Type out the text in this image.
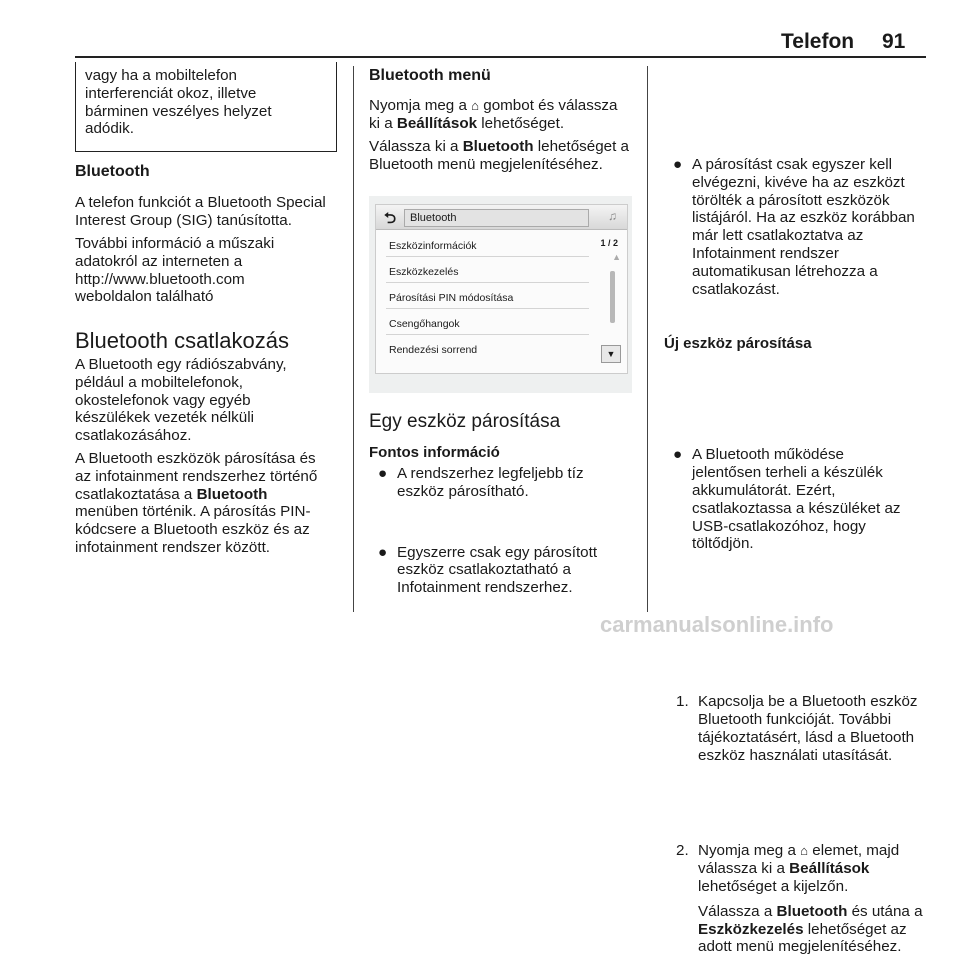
Telefon 91
vagy ha a mobiltelefon
interferenciát okoz, illetve
bárminen veszélyes helyzet
adódik.
Bluetooth
A telefon funkciót a Bluetooth Special
Interest Group (SIG) tanúsította.
További információ a műszaki
adatokról az interneten a
http://www.bluetooth.com
weboldalon található
Bluetooth csatlakozás
A Bluetooth egy rádiószabvány,
például a mobiltelefonok,
okostelefonok vagy egyéb
készülékek vezeték nélküli
csatlakozásához.
A Bluetooth eszközök párosítása és
az infotainment rendszerhez történő
csatlakoztatása a Bluetooth
menüben történik. A párosítás PIN-
kódcsere a Bluetooth eszköz és az
infotainment rendszer között.
Bluetooth menü
Nyomja meg a ⌂ gombot és válassza
ki a Beállítások lehetőséget.
Válassza ki a Bluetooth lehetőséget a
Bluetooth menü megjelenítéséhez.
⮌	Bluetooth	♫
1 / 2
▲
▼
Eszközinformációk
Eszközkezelés
Párosítási PIN módosítása
Csengőhangok
Rendezési sorrend
Egy eszköz párosítása
Fontos információ
● A rendszerhez legfeljebb tíz
eszköz párosítható.
● Egyszerre csak egy párosított
eszköz csatlakoztatható a
Infotainment rendszerhez.
● A párosítást csak egyszer kell
elvégezni, kivéve ha az eszközt
törölték a párosított eszközök
listájáról. Ha az eszköz korábban
már lett csatlakoztatva az
Infotainment rendszer
automatikusan létrehozza a
csatlakozást.
● A Bluetooth működése
jelentősen terheli a készülék
akkumulátorát. Ezért,
csatlakoztassa a készüléket az
USB-csatlakozóhoz, hogy
töltődjön.
Új eszköz párosítása
1. Kapcsolja be a Bluetooth eszköz
Bluetooth funkcióját. További
tájékoztatásért, lásd a Bluetooth
eszköz használati utasítását.
2. Nyomja meg a ⌂ elemet, majd
válassza ki a Beállítások
lehetőséget a kijelzőn.
Válassza a Bluetooth és utána a
Eszközkezelés lehetőséget az
adott menü megjelenítéséhez.
carmanualsonline.info
